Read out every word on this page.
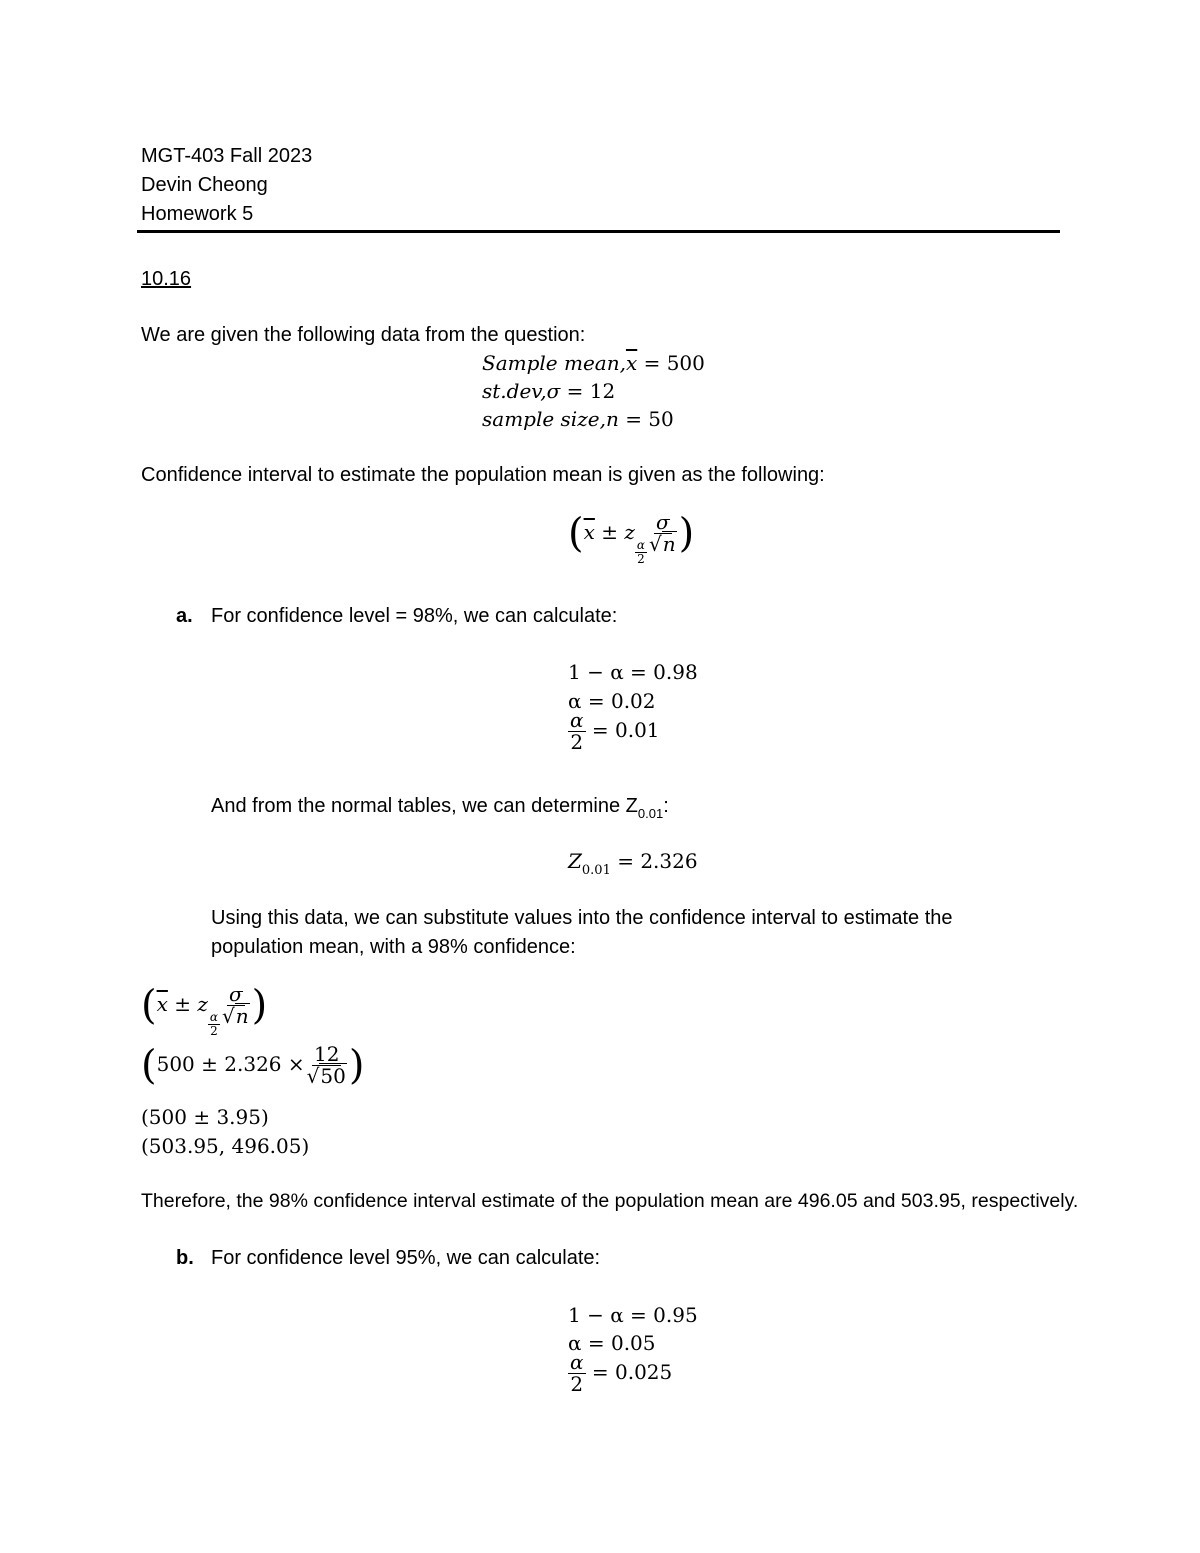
MGT-403 Fall 2023
Devin Cheong
Homework 5
10.16
We are given the following data from the question:
Sample $mean,\overline{x} = 500$
st.dev,σ = 12
sample size,n = 50
Confidence interval to estimate the population mean is given as the following:
($\overline{x} \pm z$
$\frac{\alpha}{2} \frac{\sigma}{√n}$ )
a. For confidence level = 98%, we can calculate:
1 − α = 0.98
α = 0.02
$\frac{\alpha}{2} = 0.01$
And from the normal tables, we can determine $Z_{0.01}$:
$Z_{0.01} = 2.326$
Using this data, we can substitute values into the confidence interval to estimate the
population mean, with a 98% confidence:
($\overline{x} \pm z$
$\frac{\alpha}{2} \frac{\sigma}{√n}$ )
($500 \pm 2.326 \times \frac{12}{√50}$ )
(500 ± 3.95)
(503.95, 496.05)
Therefore, the 98% confidence interval estimate of the population mean are 496.05 and 503.95, respectively.
b. For confidence level 95%, we can calculate:
1 − α = 0.95
α = 0.05
$\frac{\alpha}{2} = 0.025$
